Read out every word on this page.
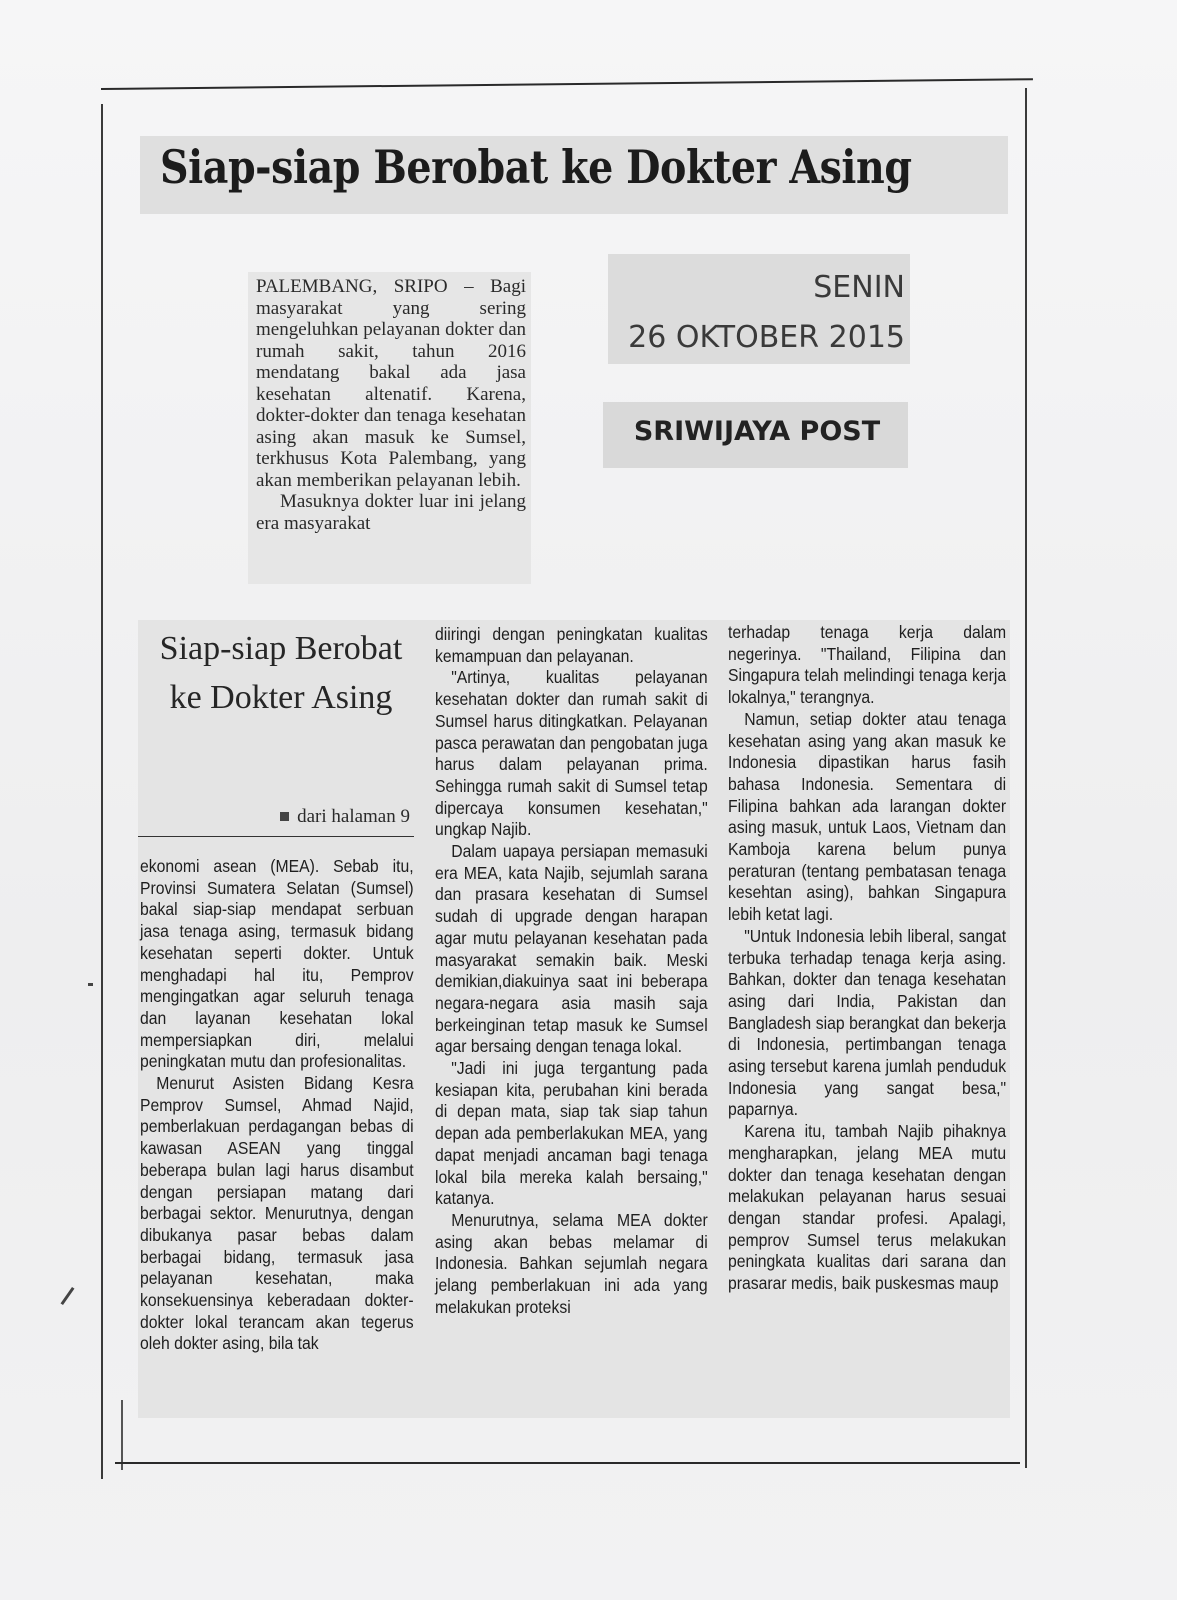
Siap-siap Berobat ke Dokter Asing

PALEMBANG, SRIPO – Bagi masyarakat yang sering mengeluhkan pelayanan dokter dan rumah sakit, tahun 2016 mendatang bakal ada jasa kesehatan altenatif. Karena, dokter-dokter dan tenaga kesehatan asing akan masuk ke Sumsel, terkhusus Kota Palembang, yang akan memberikan pelayanan lebih.

Masuknya dokter luar ini jelang era masyarakat

SENIN
26 OKTOBER 2015
SRIWIJAYA POST
Siap-siap Berobat ke Dokter Asing
dari halaman 9

ekonomi asean (MEA). Sebab itu, Provinsi Sumatera Selatan (Sumsel) bakal siap-siap mendapat serbuan jasa tenaga asing, termasuk bidang kesehatan seperti dokter. Untuk menghadapi hal itu, Pemprov mengingatkan agar seluruh tenaga dan layanan kesehatan lokal mempersiapkan diri, melalui peningkatan mutu dan profesionalitas.

Menurut Asisten Bidang Kesra Pemprov Sumsel, Ahmad Najid, pemberlakuan perdagangan bebas di kawasan ASEAN yang tinggal beberapa bulan lagi harus disambut dengan persiapan matang dari berbagai sektor. Menurutnya, dengan dibukanya pasar bebas dalam berbagai bidang, termasuk jasa pelayanan kesehatan, maka konsekuensinya keberadaan dokter-dokter lokal terancam akan tegerus oleh dokter asing, bila tak

diiringi dengan peningkatan kualitas kemampuan dan pelayanan.

"Artinya, kualitas pelayanan kesehatan dokter dan rumah sakit di Sumsel harus ditingkatkan. Pelayanan pasca perawatan dan pengobatan juga harus dalam pelayanan prima. Sehingga rumah sakit di Sumsel tetap dipercaya konsumen kesehatan," ungkap Najib.

Dalam uapaya persiapan memasuki era MEA, kata Najib, sejumlah sarana dan prasara kesehatan di Sumsel sudah di upgrade dengan harapan agar mutu pelayanan kesehatan pada masyarakat semakin baik. Meski demikian,diakuinya saat ini beberapa negara-negara asia masih saja berkeinginan tetap masuk ke Sumsel agar bersaing dengan tenaga lokal.

"Jadi ini juga tergantung pada kesiapan kita, perubahan kini berada di depan mata, siap tak siap tahun depan ada pemberlakukan MEA, yang dapat menjadi ancaman bagi tenaga lokal bila mereka kalah bersaing," katanya.

Menurutnya, selama MEA dokter asing akan bebas melamar di Indonesia. Bahkan sejumlah negara jelang pemberlakuan ini ada yang melakukan proteksi

terhadap tenaga kerja dalam negerinya. "Thailand, Filipina dan Singapura telah melindingi tenaga kerja lokalnya," terangnya.

Namun, setiap dokter atau tenaga kesehatan asing yang akan masuk ke Indonesia dipastikan harus fasih bahasa Indonesia. Sementara di Filipina bahkan ada larangan dokter asing masuk, untuk Laos, Vietnam dan Kamboja karena belum punya peraturan (tentang pembatasan tenaga kesehtan asing), bahkan Singapura lebih ketat lagi.

"Untuk Indonesia lebih liberal, sangat terbuka terhadap tenaga kerja asing. Bahkan, dokter dan tenaga kesehatan asing dari India, Pakistan dan Bangladesh siap berangkat dan bekerja di Indonesia, pertimbangan tenaga asing tersebut karena jumlah penduduk Indonesia yang sangat besa," paparnya.

Karena itu, tambah Najib pihaknya mengharapkan, jelang MEA mutu dokter dan tenaga kesehatan dengan melakukan pelayanan harus sesuai dengan standar profesi. Apalagi, pemprov Sumsel terus melakukan peningkata kualitas dari sarana dan prasarar medis, baik puskesmas maup
